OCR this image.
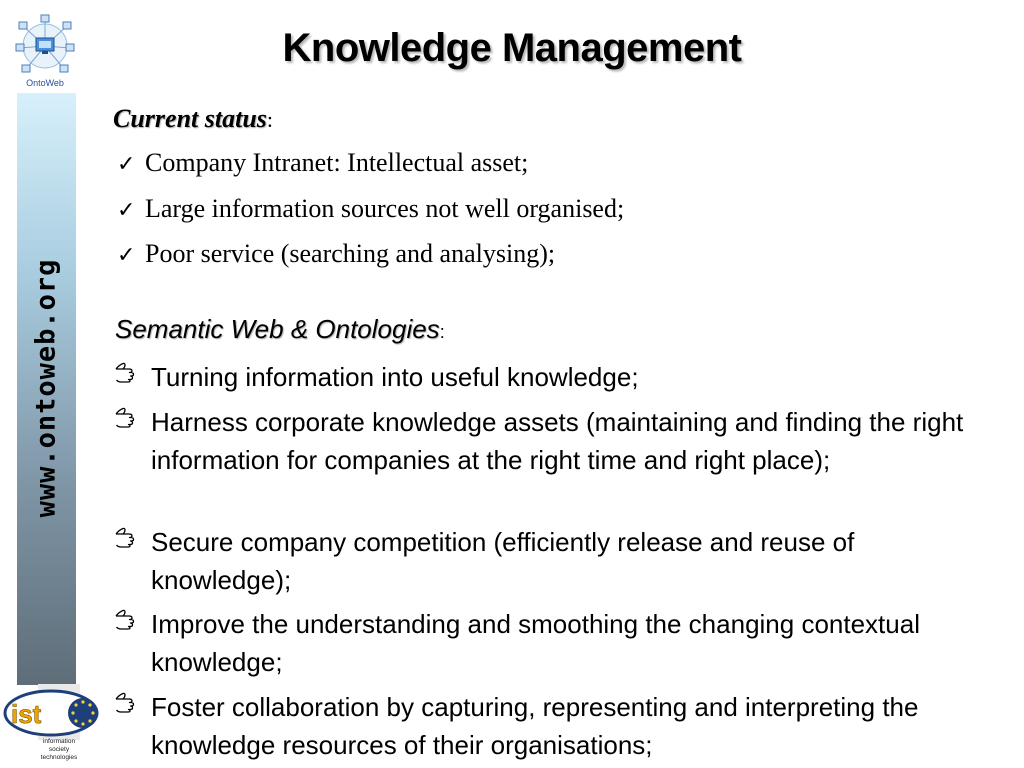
OntoWeb
www.ontoweb.org
ist
information
society
technologies
Knowledge Management
Current status:
✓ Company Intranet: Intellectual asset;
✓ Large information sources not well organised;
✓ Poor service (searching and analysing);
Semantic Web & Ontologies:
Turning information into useful knowledge;
Harness corporate knowledge assets (maintaining and finding the right information for companies at the right time and right place);
Secure company competition (efficiently release and reuse of knowledge);
Improve the understanding and smoothing the changing contextual knowledge;
Foster collaboration by capturing, representing and interpreting the knowledge resources of their organisations;
